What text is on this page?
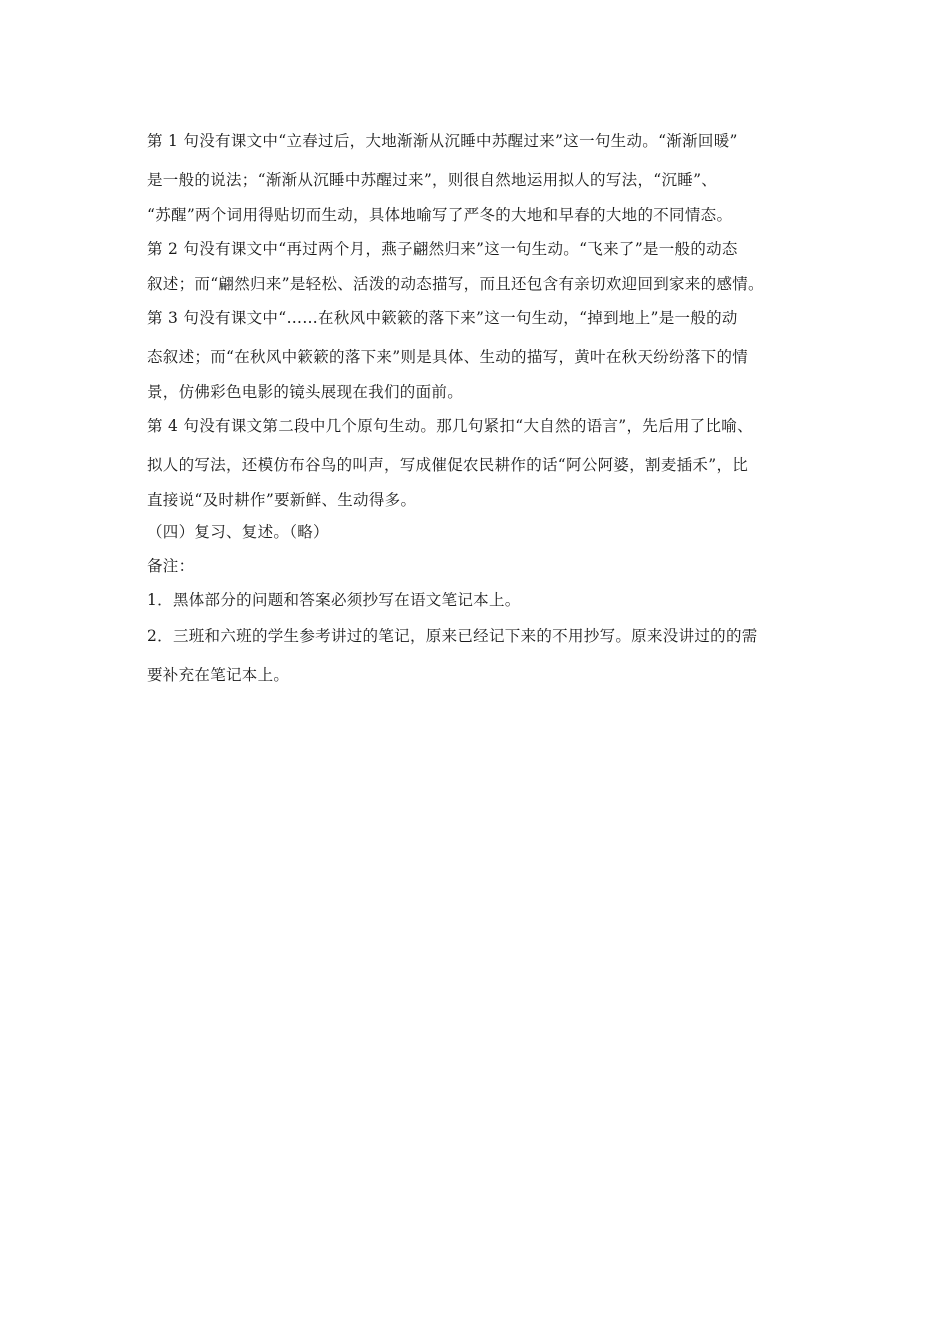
第 1 句没有课文中“立春过后，大地渐渐从沉睡中苏醒过来”这一句生动。“渐渐回暖”
是一般的说法；“渐渐从沉睡中苏醒过来”，则很自然地运用拟人的写法，“沉睡”、
“苏醒”两个词用得贴切而生动，具体地喻写了严冬的大地和早春的大地的不同情态。
第 2 句没有课文中“再过两个月，燕子翩然归来”这一句生动。“飞来了”是一般的动态
叙述；而“翩然归来”是轻松、活泼的动态描写，而且还包含有亲切欢迎回到家来的感情。
第 3 句没有课文中“……在秋风中簌簌的落下来”这一句生动，“掉到地上”是一般的动
态叙述；而“在秋风中簌簌的落下来”则是具体、生动的描写，黄叶在秋天纷纷落下的情
景，仿佛彩色电影的镜头展现在我们的面前。
第 4 句没有课文第二段中几个原句生动。那几句紧扣“大自然的语言”，先后用了比喻、
拟人的写法，还模仿布谷鸟的叫声，写成催促农民耕作的话“阿公阿婆，割麦插禾”，比
直接说“及时耕作”要新鲜、生动得多。
（四）复习、复述。（略）
备注：
1．黑体部分的问题和答案必须抄写在语文笔记本上。
2．三班和六班的学生参考讲过的笔记，原来已经记下来的不用抄写。原来没讲过的的需
要补充在笔记本上。
